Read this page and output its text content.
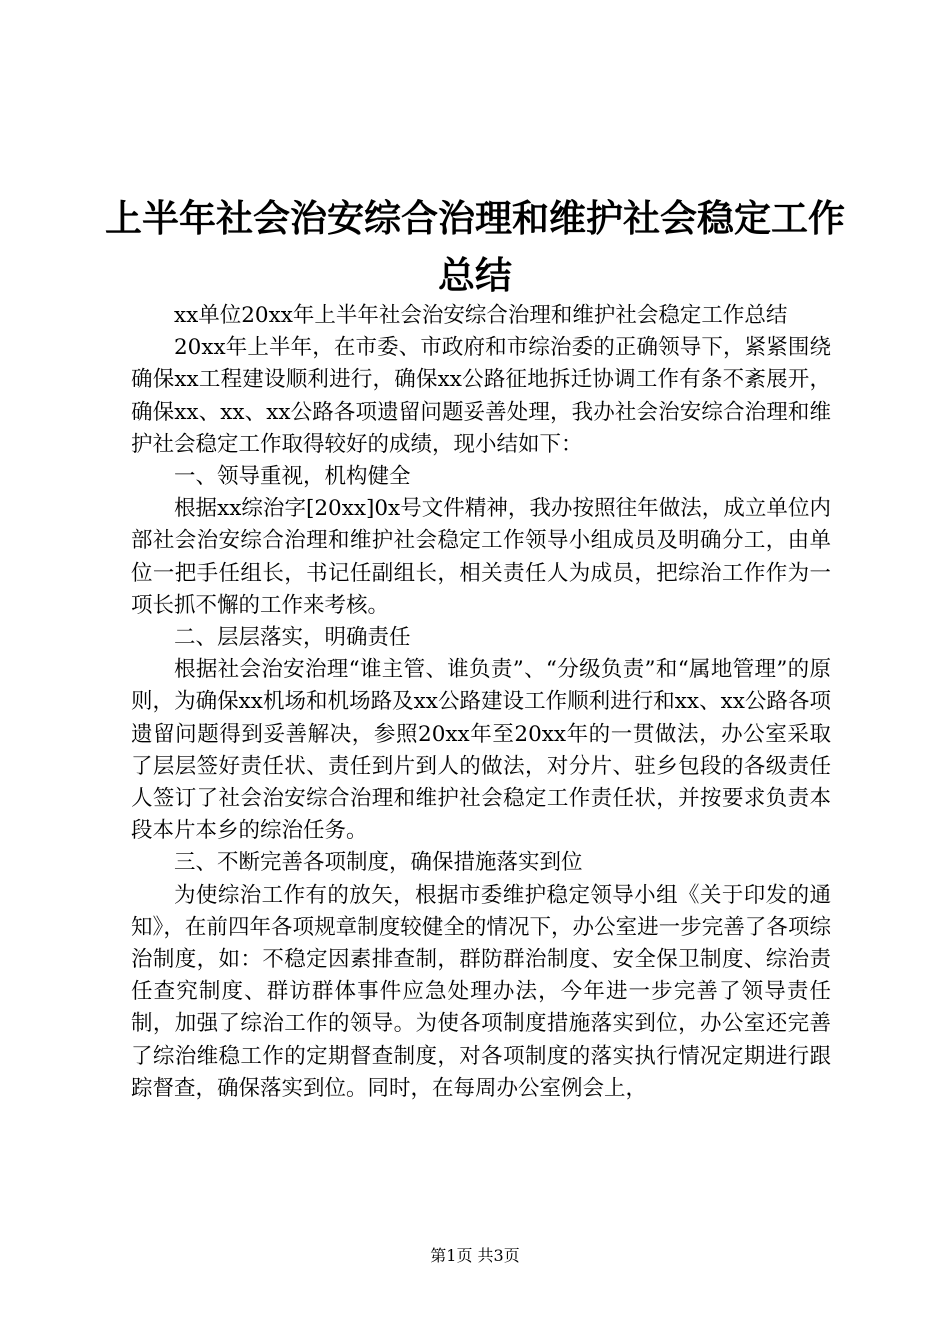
上半年社会治安综合治理和维护社会稳定工作
总结

xx单位20xx年上半年社会治安综合治理和维护社会稳定工作总结

20xx年上半年，在市委、市政府和市综治委的正确领导下，紧紧围绕确保xx工程建设顺利进行，确保xx公路征地拆迁协调工作有条不紊展开，确保xx、xx、xx公路各项遗留问题妥善处理，我办社会治安综合治理和维护社会稳定工作取得较好的成绩，现小结如下：

一、领导重视，机构健全

根据xx综治字[20xx]0x号文件精神，我办按照往年做法，成立单位内部社会治安综合治理和维护社会稳定工作领导小组成员及明确分工，由单位一把手任组长，书记任副组长，相关责任人为成员，把综治工作作为一项长抓不懈的工作来考核。

二、层层落实，明确责任

根据社会治安治理“谁主管、谁负责”、“分级负责”和“属地管理”的原则，为确保xx机场和机场路及xx公路建设工作顺利进行和xx、xx公路各项遗留问题得到妥善解决，参照20xx年至20xx年的一贯做法，办公室采取了层层签好责任状、责任到片到人的做法，对分片、驻乡包段的各级责任人签订了社会治安综合治理和维护社会稳定工作责任状，并按要求负责本段本片本乡的综治任务。

三、不断完善各项制度，确保措施落实到位

为使综治工作有的放矢，根据市委维护稳定领导小组《关于印发的通知》，在前四年各项规章制度较健全的情况下，办公室进一步完善了各项综治制度，如：不稳定因素排查制，群防群治制度、安全保卫制度、综治责任查究制度、群访群体事件应急处理办法，今年进一步完善了领导责任制，加强了综治工作的领导。为使各项制度措施落实到位，办公室还完善了综治维稳工作的定期督查制度，对各项制度的落实执行情况定期进行跟踪督查，确保落实到位。同时，在每周办公室例会上，

第1页 共3页
